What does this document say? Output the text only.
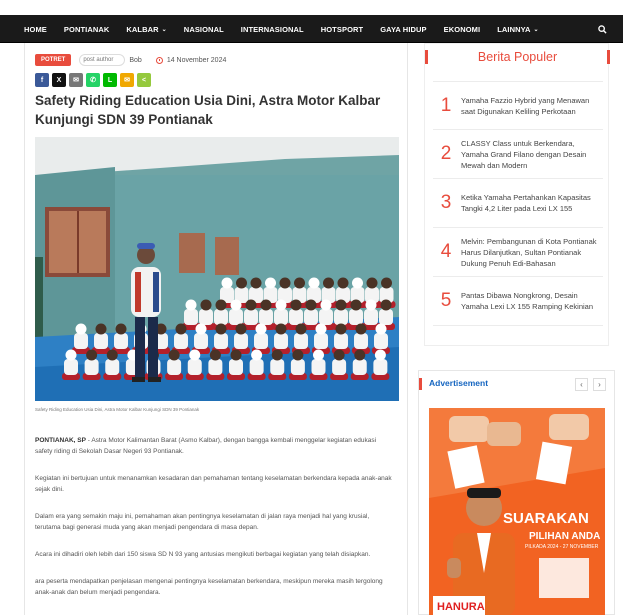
HOME PONTIANAK KALBAR ⌄ NASIONAL INTERNASIONAL HOTSPORT GAYA HIDUP EKONOMI LAINNYA ⌄
POTRET	post author Bob	14 November 2024
f	X	✉	✆	L	✉	<
Safety Riding Education Usia Dini, Astra Motor Kalbar Kunjungi SDN 39 Pontianak
Safety Riding Education Usia Dini, Astra Motor Kalbar Kunjungi SDN 39 Pontianak

PONTIANAK, SP - Astra Motor Kalimantan Barat (Asmo Kalbar), dengan bangga kembali menggelar kegiatan edukasi safety riding di Sekolah Dasar Negeri 93 Pontianak.

Kegiatan ini bertujuan untuk menanamkan kesadaran dan pemahaman tentang keselamatan berkendara kepada anak-anak sejak dini.

Dalam era yang semakin maju ini, pemahaman akan pentingnya keselamatan di jalan raya menjadi hal yang krusial, terutama bagi generasi muda yang akan menjadi pengendara di masa depan.

Acara ini dihadiri oleh lebih dari 150 siswa SD N 93 yang antusias mengikuti berbagai kegiatan yang telah disiapkan.

ara peserta mendapatkan penjelasan mengenai pentingnya keselamatan berkendara, meskipun mereka masih tergolong anak-anak dan belum menjadi pengendara.

Berita Populer
1	Yamaha Fazzio Hybrid yang Menawan saat Digunakan Keliling Perkotaan
2	CLASSY Class untuk Berkendara, Yamaha Grand Filano dengan Desain Mewah dan Modern
3	Ketika Yamaha Pertahankan Kapasitas Tangki 4,2 Liter pada Lexi LX 155
4	Melvin: Pembangunan di Kota Pontianak Harus Dilanjutkan, Sultan Pontianak Dukung Penuh Edi-Bahasan
5	Pantas Dibawa Nongkrong, Desain Yamaha Lexi LX 155 Ramping Kekinian
Advertisement	‹	›
SUARAKAN
PILIHAN ANDA
PILKADA 2024 - 27 NOVEMBER
HANURA
